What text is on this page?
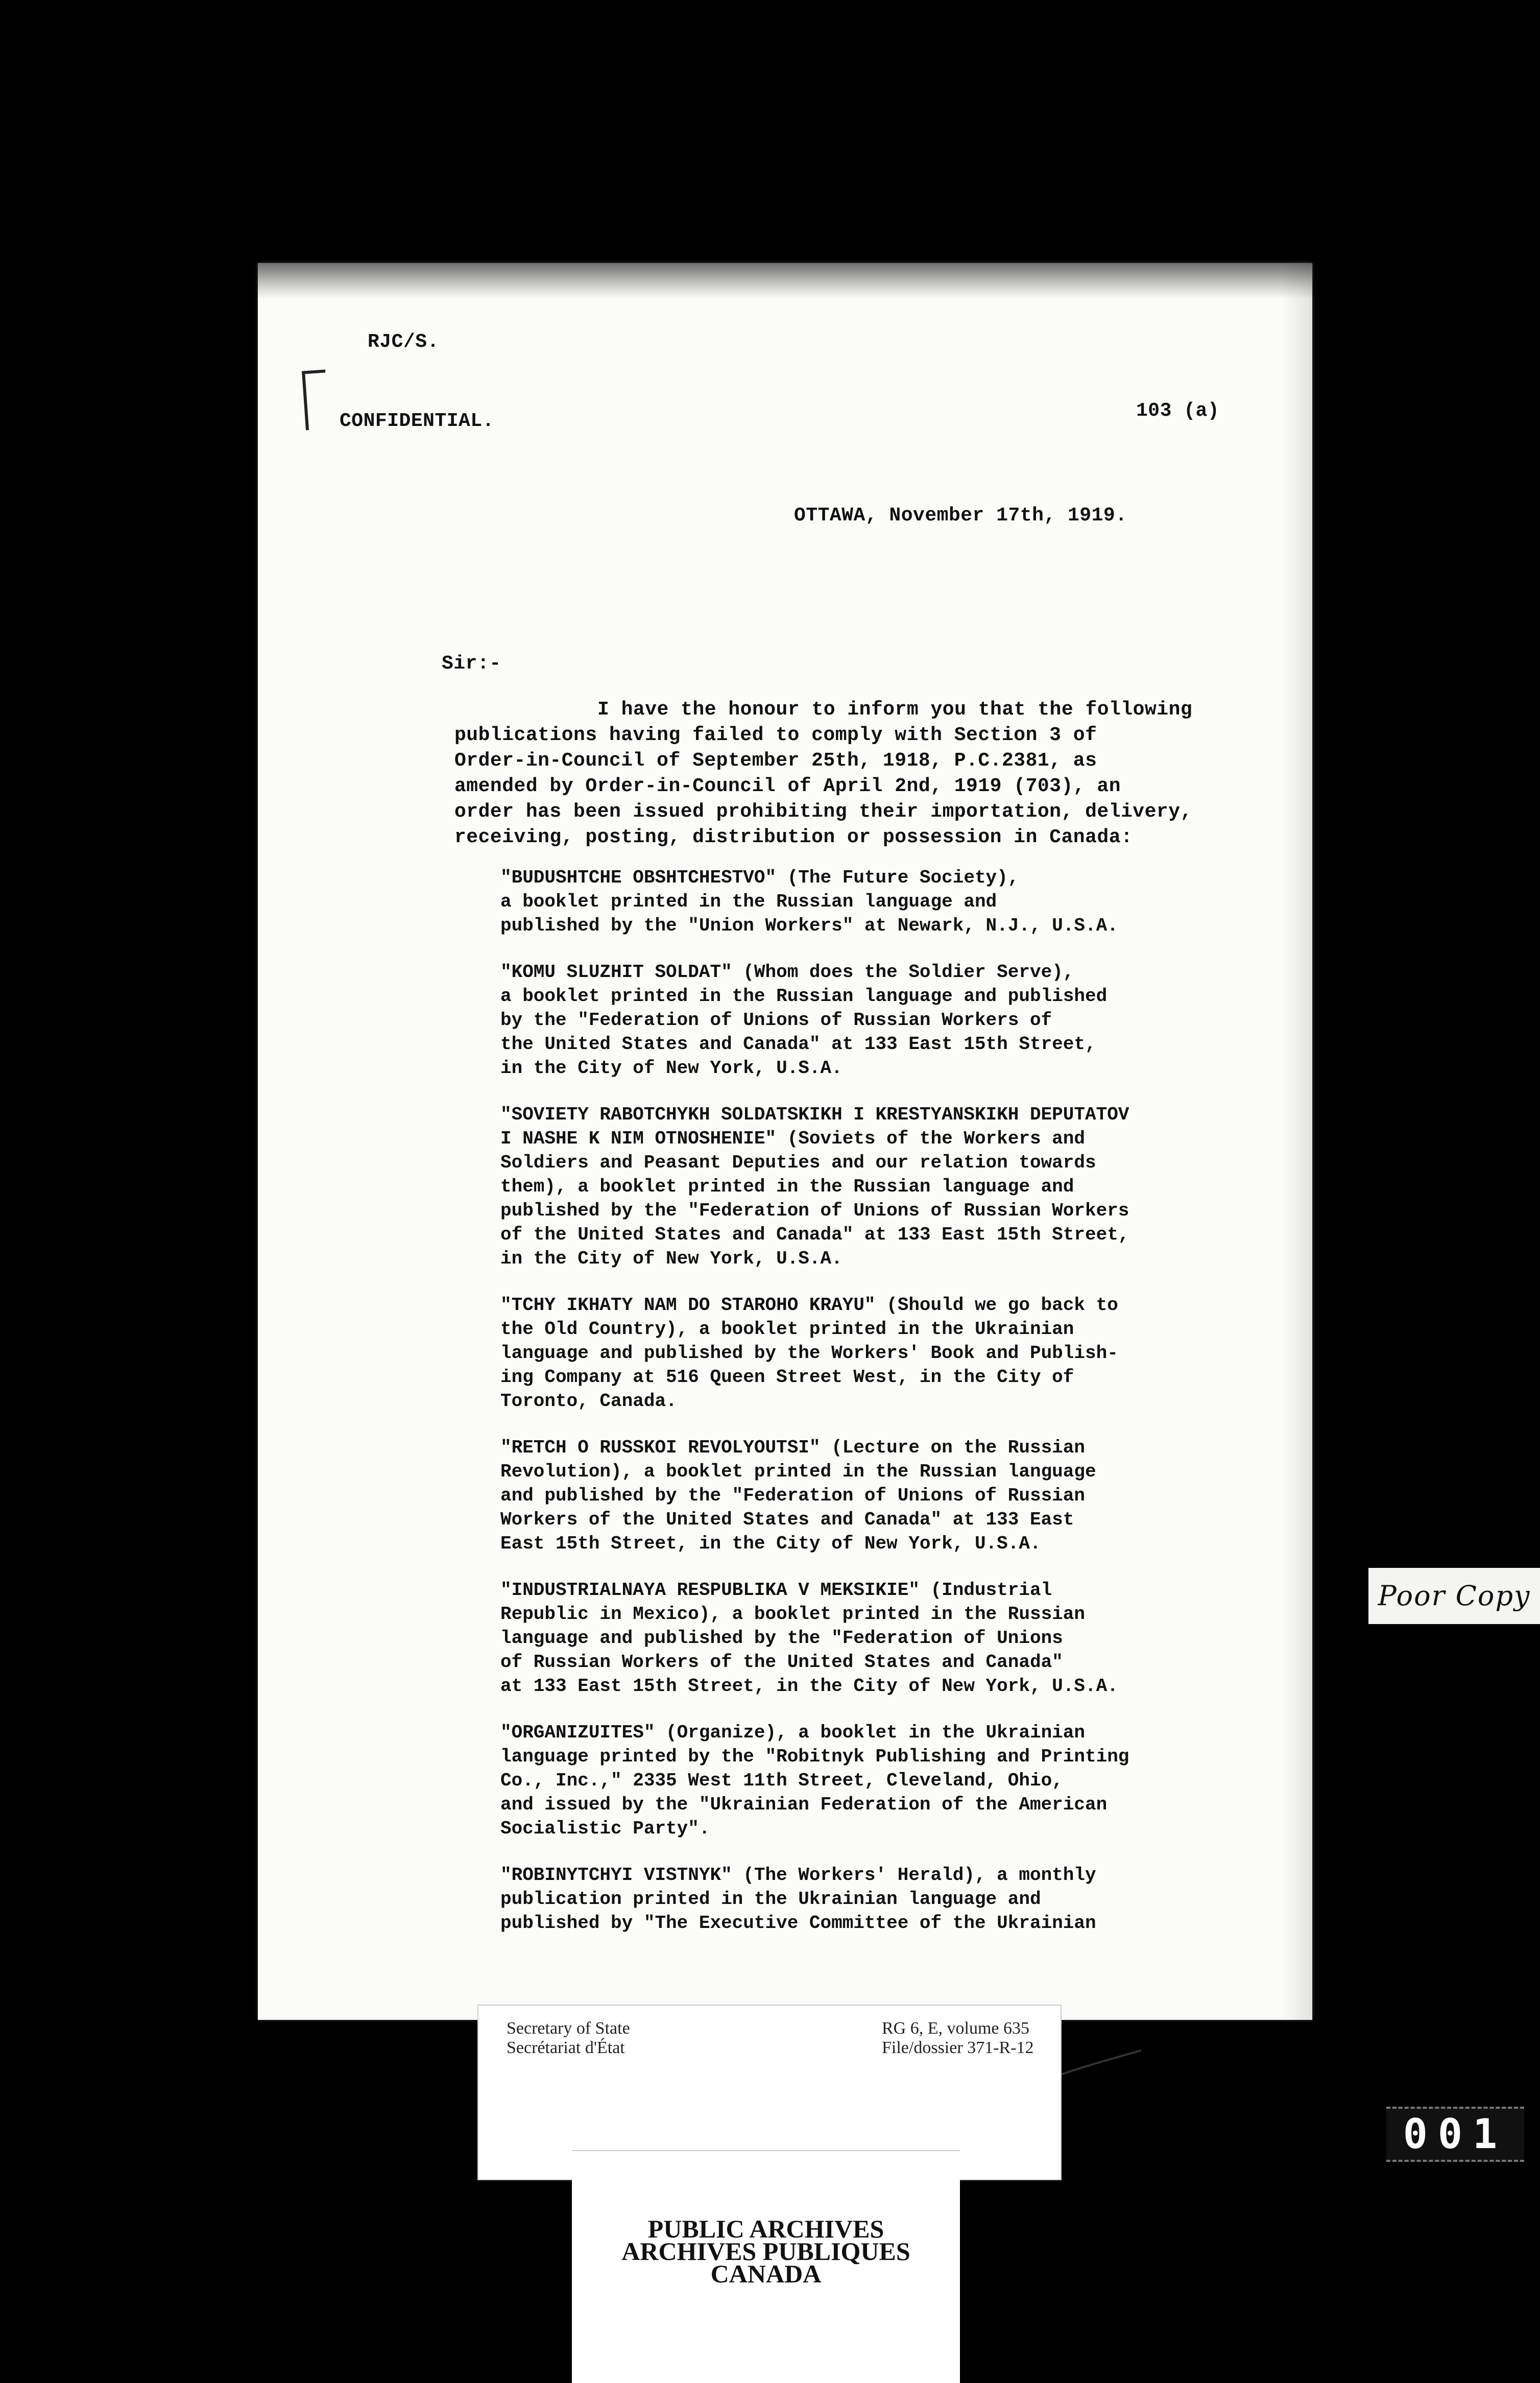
RJC/S.
CONFIDENTIAL.	103 (a)
OTTAWA, November 17th, 1919.
Sir:-
I have the honour to inform you that the following
publications having failed to comply with Section 3 of
Order-in-Council of September 25th, 1918, P.C.2381, as
amended by Order-in-Council of April 2nd, 1919 (703), an
order has been issued prohibiting their importation, delivery,
receiving, posting, distribution or possession in Canada:
"BUDUSHTCHE OBSHTCHESTVO" (The Future Society),
a booklet printed in the Russian language and
published by the "Union Workers" at Newark, N.J., U.S.A.
"KOMU SLUZHIT SOLDAT" (Whom does the Soldier Serve),
a booklet printed in the Russian language and published
by the "Federation of Unions of Russian Workers of
the United States and Canada" at 133 East 15th Street,
in the City of New York, U.S.A.
"SOVIETY RABOTCHYKH SOLDATSKIKH I KRESTYANSKIKH DEPUTATOV
I NASHE K NIM OTNOSHENIE" (Soviets of the Workers and
Soldiers and Peasant Deputies and our relation towards
them), a booklet printed in the Russian language and
published by the "Federation of Unions of Russian Workers
of the United States and Canada" at 133 East 15th Street,
in the City of New York, U.S.A.
"TCHY IKHATY NAM DO STAROHO KRAYU" (Should we go back to
the Old Country), a booklet printed in the Ukrainian
language and published by the Workers' Book and Publish-
ing Company at 516 Queen Street West, in the City of
Toronto, Canada.
"RETCH O RUSSKOI REVOLYOUTSI" (Lecture on the Russian
Revolution), a booklet printed in the Russian language
and published by the "Federation of Unions of Russian
Workers of the United States and Canada" at 133 East
East 15th Street, in the City of New York, U.S.A.
"INDUSTRIALNAYA RESPUBLIKA V MEKSIKIE" (Industrial
Republic in Mexico), a booklet printed in the Russian
language and published by the "Federation of Unions
of Russian Workers of the United States and Canada"
at 133 East 15th Street, in the City of New York, U.S.A.
"ORGANIZUITES" (Organize), a booklet in the Ukrainian
language printed by the "Robitnyk Publishing and Printing
Co., Inc.," 2335 West 11th Street, Cleveland, Ohio,
and issued by the "Ukrainian Federation of the American
Socialistic Party".
"ROBINYTCHYI VISTNYK" (The Workers' Herald), a monthly
publication printed in the Ukrainian language and
published by "The Executive Committee of the Ukrainian
Poor Copy
Secretary of State
Secrétariat d'État
RG 6, E, volume 635
File/dossier 371-R-12
PUBLIC ARCHIVES
ARCHIVES PUBLIQUES
CANADA
001
